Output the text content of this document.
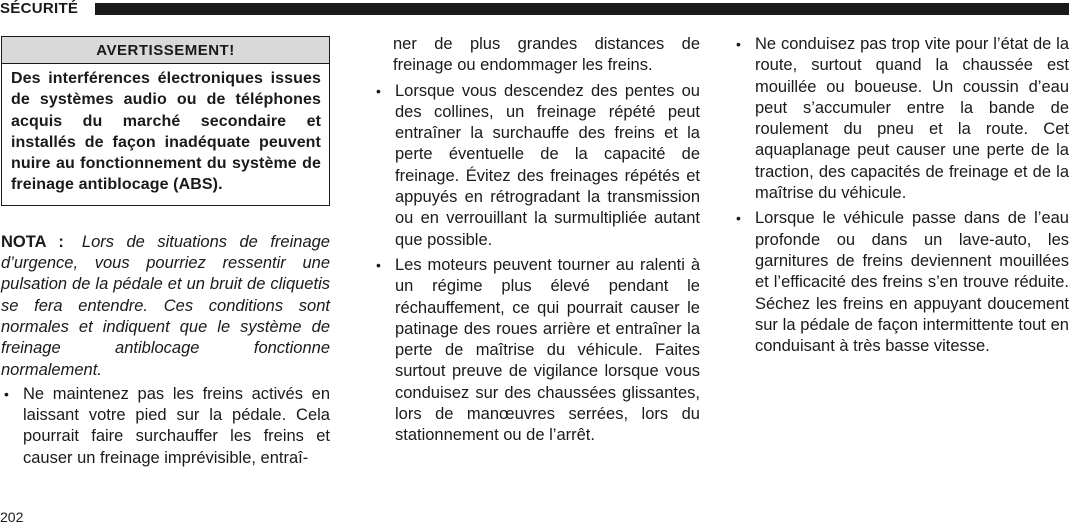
SÉCURITÉ
AVERTISSEMENT!
Des interférences électroniques issues de systèmes audio ou de téléphones acquis du marché secondaire et installés de façon inadéquate peuvent nuire au fonctionnement du système de freinage antiblocage (ABS).

NOTA : Lors de situations de freinage d’urgence, vous pourriez ressentir une pulsation de la pédale et un bruit de cliquetis se fera entendre. Ces conditions sont normales et indiquent que le système de freinage antiblocage fonctionne normalement.

• Ne maintenez pas les freins activés en laissant votre pied sur la pédale. Cela pourrait faire surchauffer les freins et causer un freinage imprévisible, entraî-
ner de plus grandes distances de freinage ou endommager les freins.
• Lorsque vous descendez des pentes ou des collines, un freinage répété peut entraîner la surchauffe des freins et la perte éventuelle de la capacité de freinage. Évitez des freinages répétés et appuyés en rétrogradant la transmission ou en verrouillant la surmultipliée autant que possible.
• Les moteurs peuvent tourner au ralenti à un régime plus élevé pendant le réchauffement, ce qui pourrait causer le patinage des roues arrière et entraîner la perte de maîtrise du véhicule. Faites surtout preuve de vigilance lorsque vous conduisez sur des chaussées glissantes, lors de manœuvres serrées, lors du stationnement ou de l’arrêt.
• Ne conduisez pas trop vite pour l’état de la route, surtout quand la chaussée est mouillée ou boueuse. Un coussin d’eau peut s’accumuler entre la bande de roulement du pneu et la route. Cet aquaplanage peut causer une perte de la traction, des capacités de freinage et de la maîtrise du véhicule.
• Lorsque le véhicule passe dans de l’eau profonde ou dans un lave-auto, les garnitures de freins deviennent mouillées et l’efficacité des freins s’en trouve réduite. Séchez les freins en appuyant doucement sur la pédale de façon intermittente tout en conduisant à très basse vitesse.
202
